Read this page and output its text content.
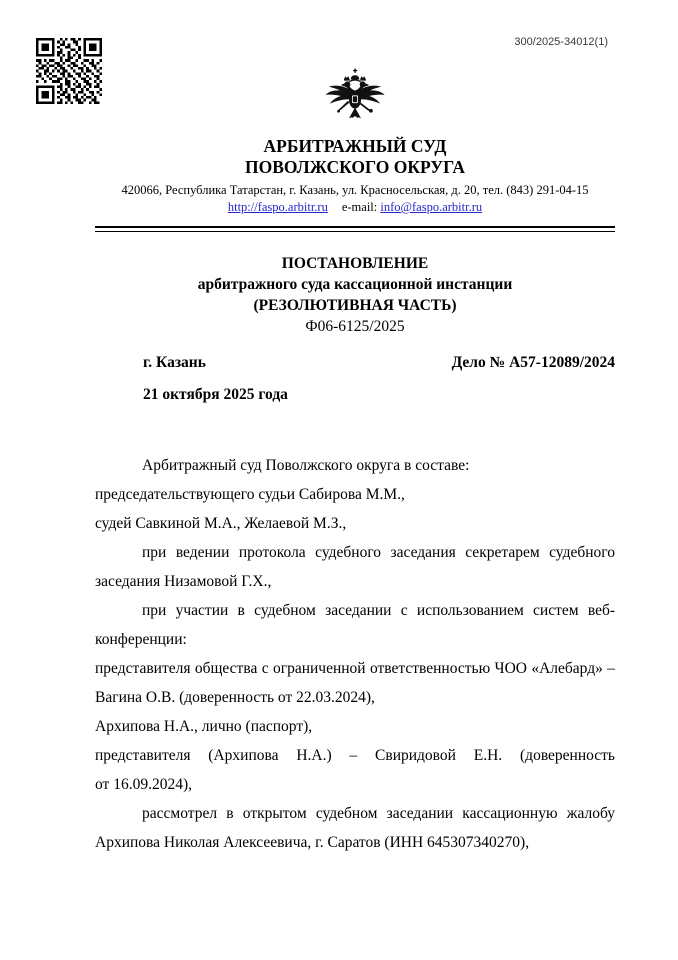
300/2025-34012(1)
АРБИТРАЖНЫЙ СУД
ПОВОЛЖСКОГО ОКРУГА
420066, Республика Татарстан, г. Казань, ул. Красносельская, д. 20, тел. (843) 291-04-15
http://faspo.arbitr.ru e-mail: info@faspo.arbitr.ru
ПОСТАНОВЛЕНИЕ
арбитражного суда кассационной инстанции
(РЕЗОЛЮТИВНАЯ ЧАСТЬ)
Ф06-6125/2025
г. Казань	Дело № А57-12089/2024
21 октября 2025 года

Арбитражный суд Поволжского округа в составе:

председательствующего судьи Сабирова М.М.,

судей Савкиной М.А., Желаевой М.З.,

при ведении протокола судебного заседания секретарем судебного заседания Низамовой Г.Х.,

при участии в судебном заседании с использованием систем веб-конференции:

представителя общества с ограниченной ответственностью ЧОО «Алебард» – Вагина О.В. (доверенность от 22.03.2024),

Архипова Н.А., лично (паспорт),

представителя (Архипова Н.А.) – Свиридовой Е.Н. (доверенность от 16.09.2024),

рассмотрел в открытом судебном заседании кассационную жалобу Архипова Николая Алексеевича, г. Саратов (ИНН 645307340270),
